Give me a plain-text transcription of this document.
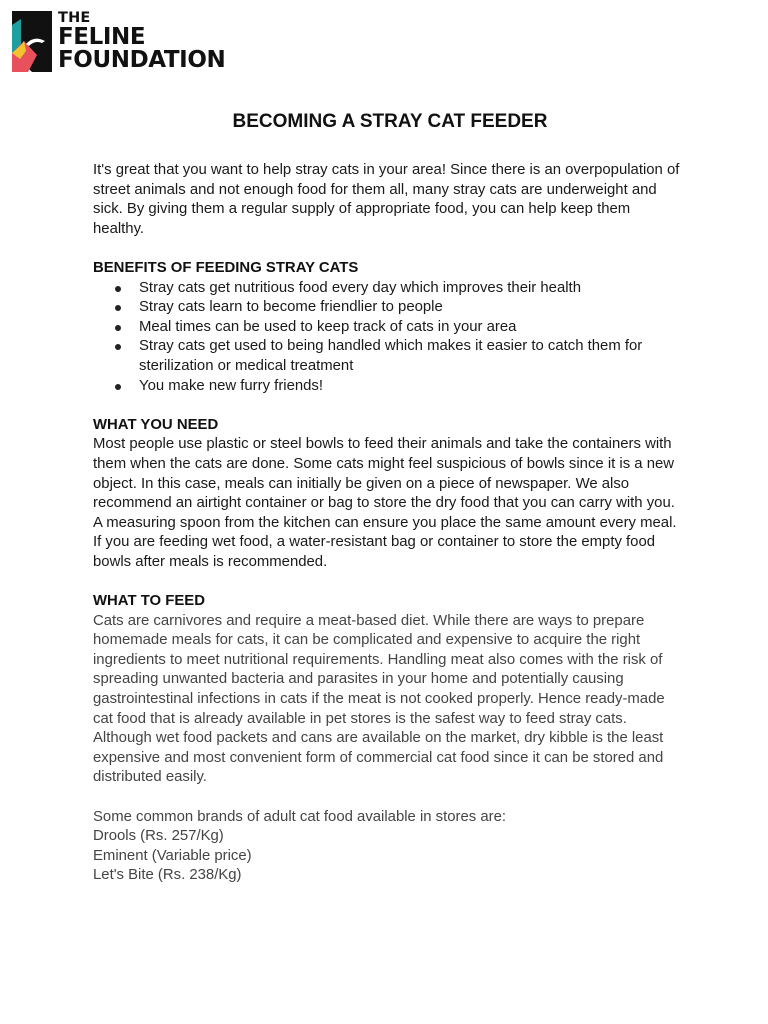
THE
FELINE
FOUNDATION
BECOMING A STRAY CAT FEEDER

It's great that you want to help stray cats in your area! Since there is an overpopulation of street animals and not enough food for them all, many stray cats are underweight and sick. By giving them a regular supply of appropriate food, you can help keep them healthy.

BENEFITS OF FEEDING STRAY CATS

Stray cats get nutritious food every day which improves their health
Stray cats learn to become friendlier to people
Meal times can be used to keep track of cats in your area
Stray cats get used to being handled which makes it easier to catch them for sterilization or medical treatment
You make new furry friends!

WHAT YOU NEED

Most people use plastic or steel bowls to feed their animals and take the containers with them when the cats are done. Some cats might feel suspicious of bowls since it is a new object. In this case, meals can initially be given on a piece of newspaper. We also recommend an airtight container or bag to store the dry food that you can carry with you. A measuring spoon from the kitchen can ensure you place the same amount every meal. If you are feeding wet food, a water-resistant bag or container to store the empty food bowls after meals is recommended.

WHAT TO FEED

Cats are carnivores and require a meat-based diet. While there are ways to prepare homemade meals for cats, it can be complicated and expensive to acquire the right ingredients to meet nutritional requirements. Handling meat also comes with the risk of spreading unwanted bacteria and parasites in your home and potentially causing gastrointestinal infections in cats if the meat is not cooked properly. Hence ready-made cat food that is already available in pet stores is the safest way to feed stray cats. Although wet food packets and cans are available on the market, dry kibble is the least expensive and most convenient form of commercial cat food since it can be stored and distributed easily.

Some common brands of adult cat food available in stores are:

Drools (Rs. 257/Kg)
Eminent (Variable price)
Let's Bite (Rs. 238/Kg)
